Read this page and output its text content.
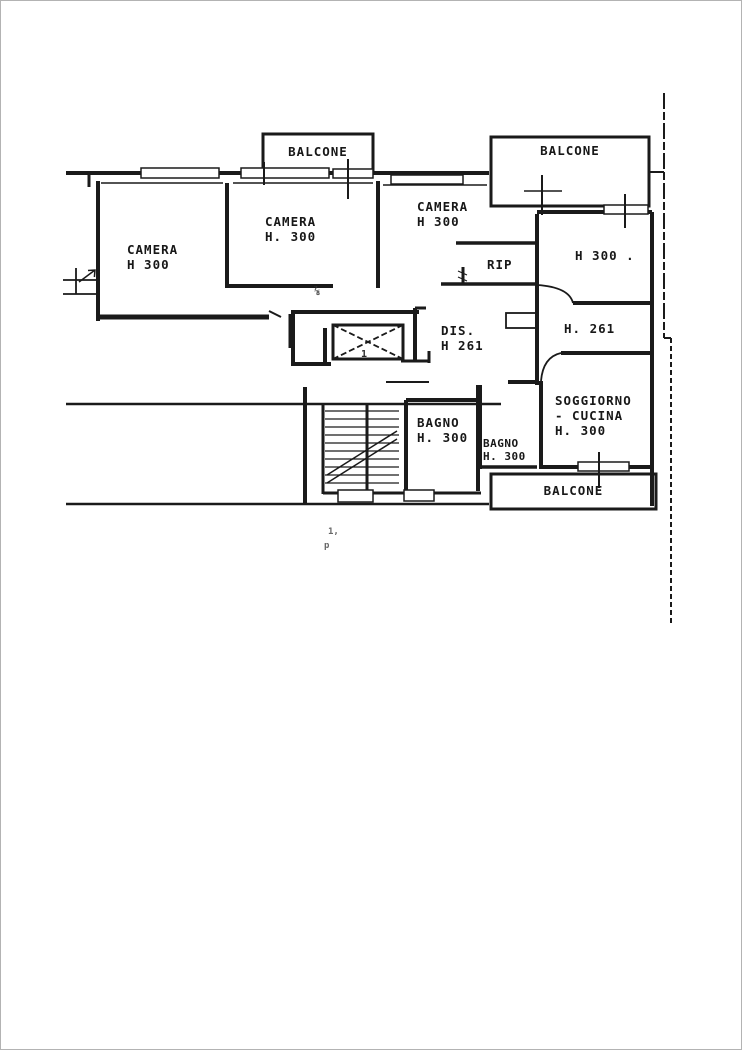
BALCONE	BALCONE
CAMERA
H 300
CAMERA
H. 300
CAMERA
H 300
RIP
H 300 .
H. 261
DIS.
H 261
BAGNO
H. 300 BAGNO
H. 300
SOGGIORNO
- CUCINA
H. 300
BALCONE
1
⅞
1,
p
